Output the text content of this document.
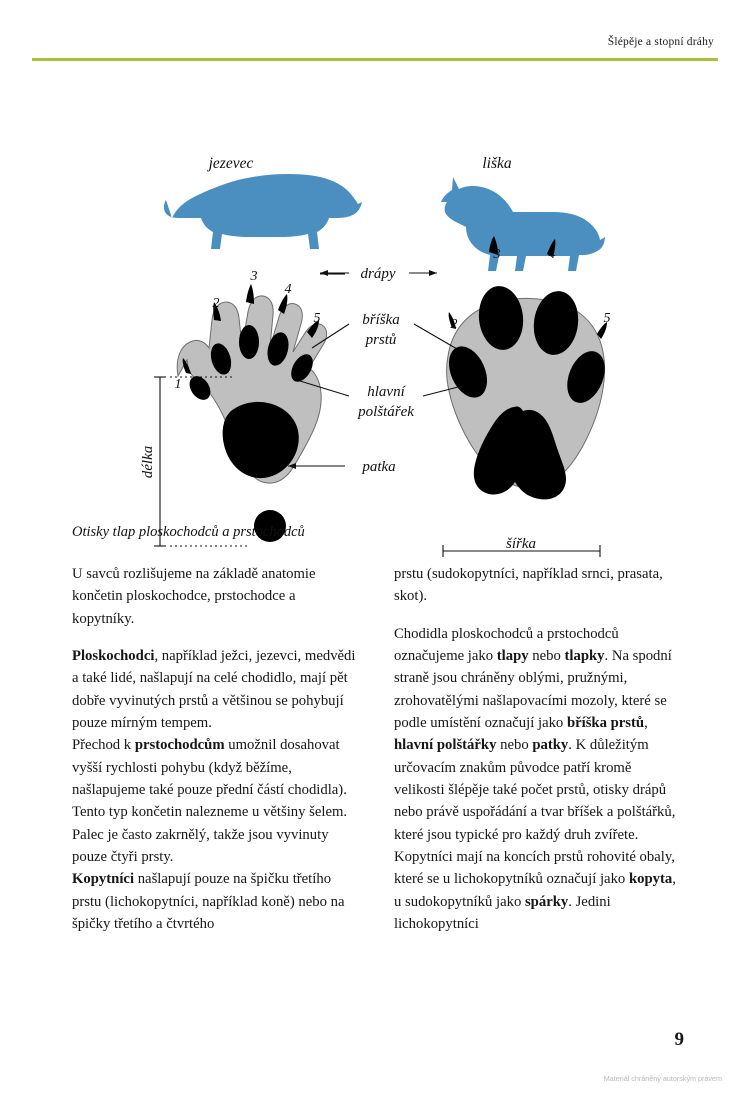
Šlépěje a stopní dráhy
jezevec	liška
délka
3
4
2
5
1
šířka
3	4
2	5
drápy
bříška
prstů
hlavní
polštářek
patka
Otisky tlap ploskochodců a prstochodců

U savců rozlišujeme na základě anatomie končetin ploskochodce, prstochodce a kopytníky.

Ploskochodci, například ježci, jezevci, medvědi a také lidé, našlapují na celé chodidlo, mají pět dobře vyvinutých prstů a většinou se pohybují pouze mírným tempem.

Přechod k prstochodcům umožnil dosahovat vyšší rychlosti pohybu (když běžíme, našlapujeme také pouze přední částí chodidla). Tento typ končetin nalezneme u většiny šelem. Palec je často zakrnělý, takže jsou vyvinuty pouze čtyři prsty.

Kopytníci našlapují pouze na špičku třetího prstu (lichokopytníci, například koně) nebo na špičky třetího a čtvrtého

prstu (sudokopytníci, například srnci, prasata, skot).

Chodidla ploskochodců a prstochodců označujeme jako tlapy nebo tlapky. Na spodní straně jsou chráněny oblými, pružnými, zrohovatělými našlapovacími mozoly, které se podle umístění označují jako bříška prstů, hlavní polštářky nebo patky. K důležitým určovacím znakům původce patří kromě velikosti šlépěje také počet prstů, otisky drápů nebo právě uspořádání a tvar bříšek a polštářků, které jsou typické pro každý druh zvířete.

Kopytníci mají na koncích prstů rohovité obaly, které se u lichokopytníků označují jako kopyta, u sudokopytníků jako spárky. Jedini lichokopytníci

9
Materiál chráněný autorským právem
